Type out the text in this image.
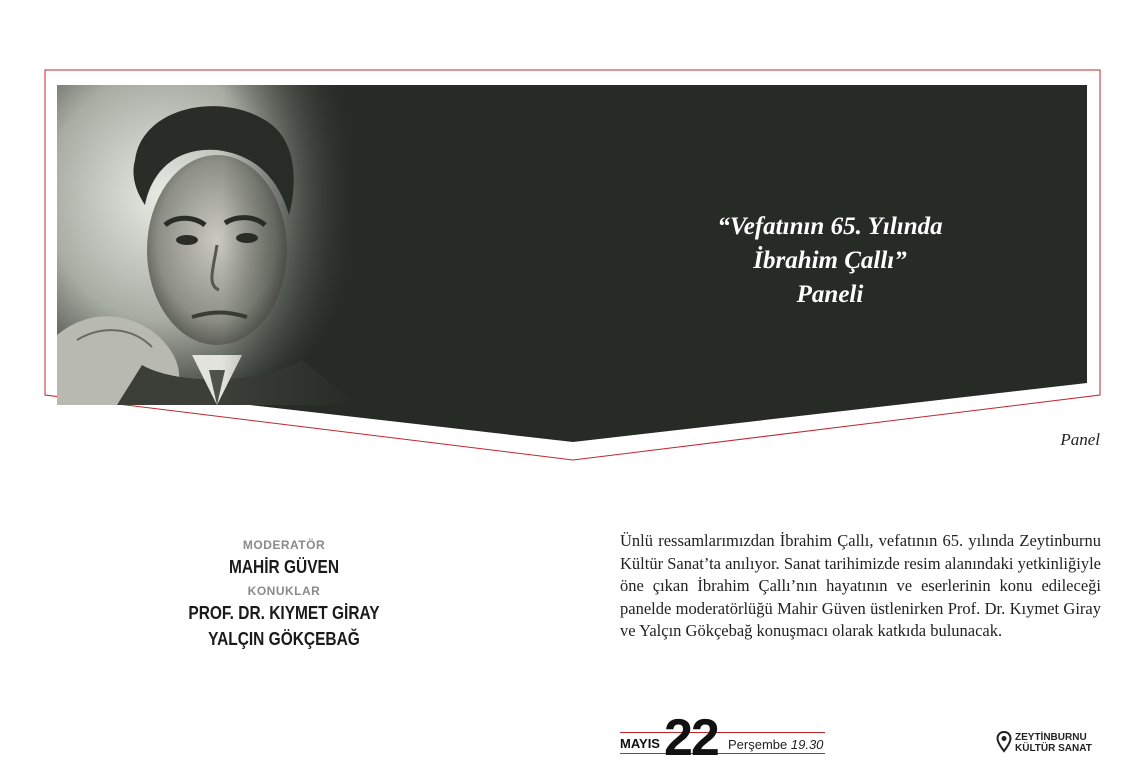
“Vefatının 65. Yılında
İbrahim Çallı”
Paneli
Panel
MODERATÖR
MAHİR GÜVEN
KONUKLAR
PROF. DR. KIYMET GİRAY
YALÇIN GÖKÇEBAĞ
Ünlü ressamlarımızdan İbrahim Çallı, vefatının 65. yılında Zeytinburnu Kültür Sanat’ta anılıyor. Sanat tarihimizde resim alanındaki yetkinliğiyle öne çıkan İbrahim Çallı’nın hayatının ve eserlerinin konu edileceği panelde moderatörlüğü Mahir Güven üstlenirken Prof. Dr. Kıymet Giray ve Yalçın Gökçebağ konuşmacı olarak katkıda bulunacak.
MAYIS 22 Perşembe 19.30	ZEYTİNBURNU
KÜLTÜR SANAT
